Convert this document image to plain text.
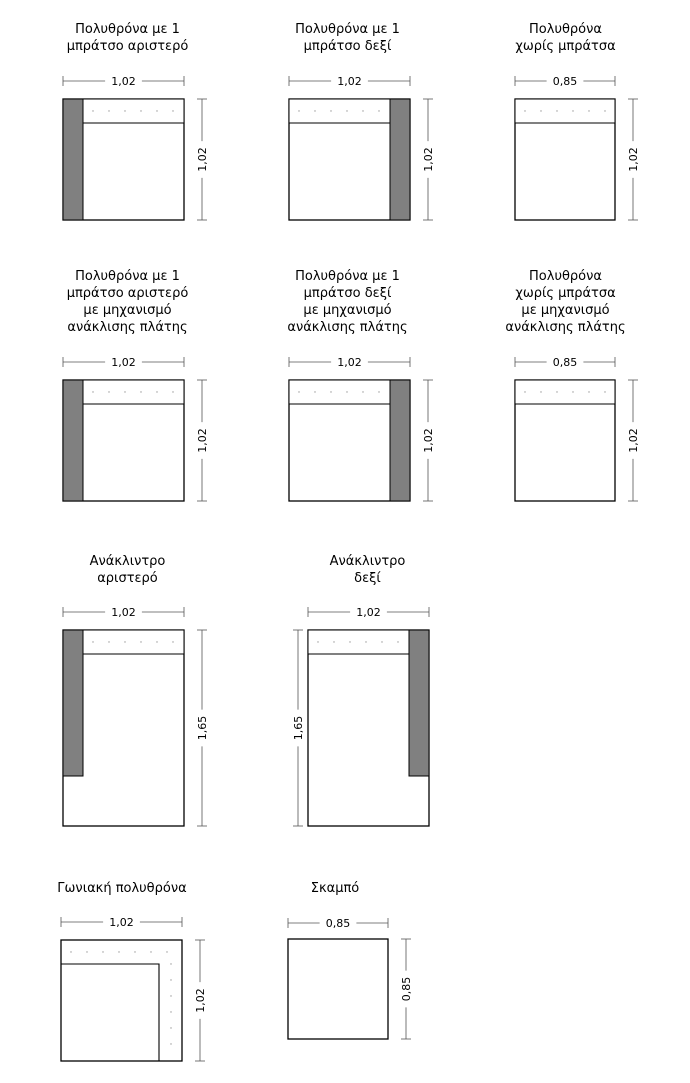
Πολυθρόνα με 1
μπράτσο αριστερό
Πολυθρόνα με 1
μπράτσο δεξί
Πολυθρόνα
χωρίς μπράτσα
Πολυθρόνα με 1
μπράτσο αριστερό
με μηχανισμό
ανάκλισης πλάτης
Πολυθρόνα με 1
μπράτσο δεξί
με μηχανισμό
ανάκλισης πλάτης
Πολυθρόνα
χωρίς μπράτσα
με μηχανισμό
ανάκλισης πλάτης
Ανάκλιντρο
αριστερό
Ανάκλιντρο
δεξί
Γωνιακή πολυθρόνα	Σκαμπό
1,02
1,02
1,02
1,02
0,85
1,02
1,02
1,02
1,02
1,02
0,85
1,02
1,02
1,65
1,02
1,65
1,02
1,02
0,85
0,85
